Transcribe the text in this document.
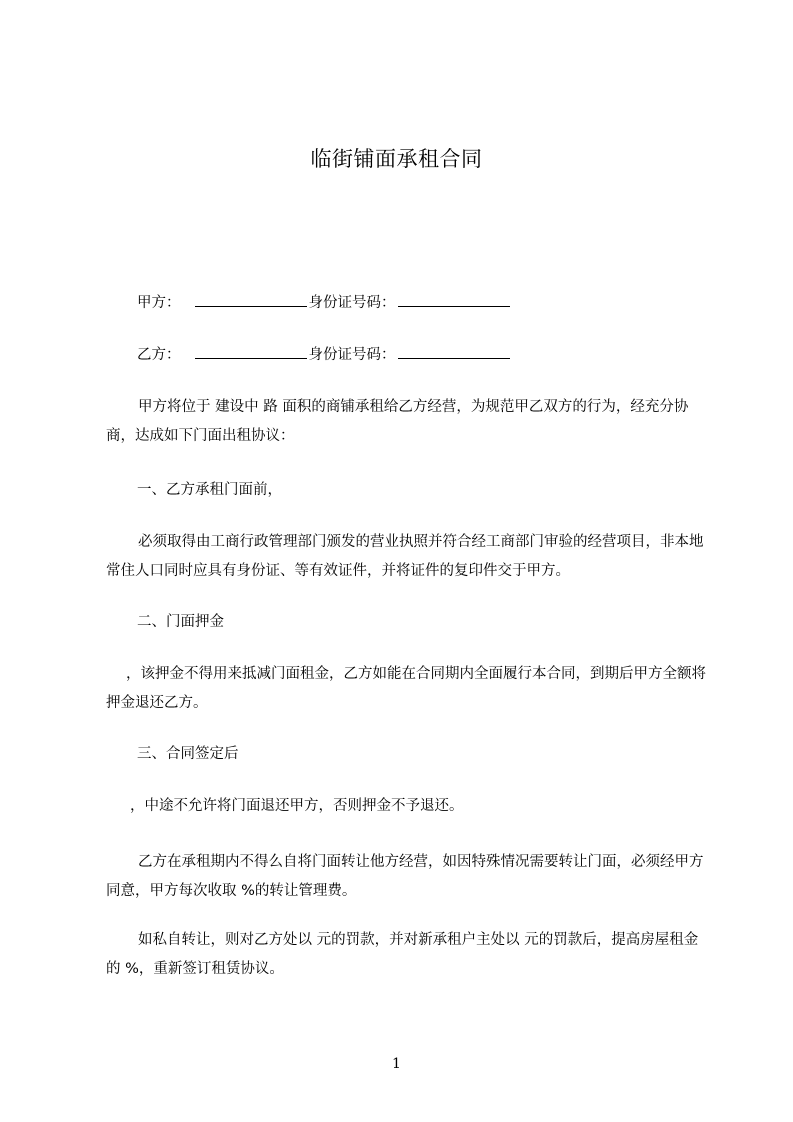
临街铺面承租合同
甲方：	身份证号码：
乙方：	身份证号码：
甲方将位于 建设中 路 面积的商铺承租给乙方经营，为规范甲乙双方的行为，经充分协商，达成如下门面出租协议：
一、乙方承租门面前，
必须取得由工商行政管理部门颁发的营业执照并符合经工商部门审验的经营项目，非本地常住人口同时应具有身份证、等有效证件，并将证件的复印件交于甲方。
二、门面押金
，该押金不得用来抵减门面租金，乙方如能在合同期内全面履行本合同，到期后甲方全额将押金退还乙方。
三、合同签定后
，中途不允许将门面退还甲方，否则押金不予退还。
乙方在承租期内不得么自将门面转让他方经营，如因特殊情况需要转让门面，必须经甲方同意，甲方每次收取 %的转让管理费。
如私自转让，则对乙方处以 元的罚款，并对新承租户主处以 元的罚款后，提高房屋租金的 %，重新签订租赁协议。
1
